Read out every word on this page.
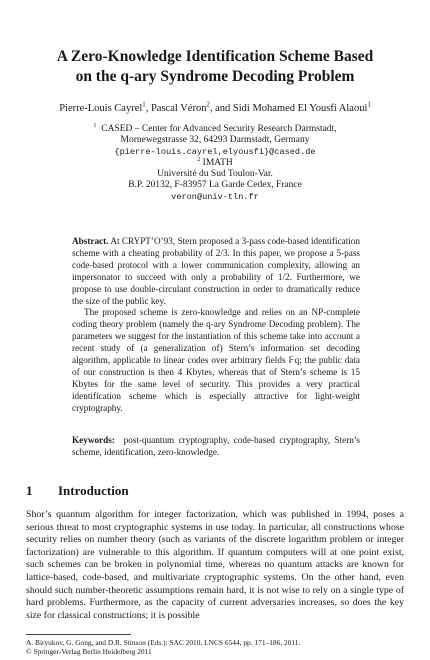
A Zero-Knowledge Identification Scheme Based
on the q-ary Syndrome Decoding Problem
Pierre-Louis Cayrel$^1$, Pascal Véron$^2$, and Sidi Mohamed El Yousfi Alaoui$^1$
$^1$ CASED – Center for Advanced Security Research Darmstadt,
Mornewegstrasse 32, 64293 Darmstadt, Germany
{pierre-louis.cayrel,elyousfi}@cased.de
$^2$ IMATH
Université du Sud Toulon-Var.
B.P. 20132, F-83957 La Garde Cedex, France
veron@univ-tln.fr

Abstract. At CRYPT’O’93, Stern proposed a 3-pass code-based identification scheme with a cheating probability of 2/3. In this paper, we propose a 5-pass code-based protocol with a lower communication complexity, allowing an impersonator to succeed with only a probability of 1/2. Furthermore, we propose to use double-circulant construction in order to dramatically reduce the size of the public key.

The proposed scheme is zero-knowledge and relies on an NP-complete coding theory problem (namely the q-ary Syndrome Decoding problem). The parameters we suggest for the instantiation of this scheme take into account a recent study of (a generalization of) Stern’s information set decoding algorithm, applicable to linear codes over arbitrary fields 𝔽q; the public data of our construction is then 4 Kbytes, whereas that of Stern’s scheme is 15 Kbytes for the same level of security. This provides a very practical identification scheme which is especially attractive for light-weight cryptography.

Keywords: post-quantum cryptography, code-based cryptography, Stern’s scheme, identification, zero-knowledge.
1 Introduction
Shor’s quantum algorithm for integer factorization, which was published in 1994, poses a serious threat to most cryptographic systems in use today. In particular, all constructions whose security relies on number theory (such as variants of the discrete logarithm problem or integer factorization) are vulnerable to this algorithm. If quantum computers will at one point exist, such schemes can be broken in polynomial time, whereas no quantum attacks are known for lattice-based, code-based, and multivariate cryptographic systems. On the other hand, even should such number-theoretic assumptions remain hard, it is not wise to rely on a single type of hard problems. Furthermore, as the capacity of current adversaries increases, so does the key size for classical constructions; it is possible
A. Biryukov, G. Gong, and D.R. Stinson (Eds.): SAC 2010, LNCS 6544, pp. 171–186, 2011.
© Springer-Verlag Berlin Heidelberg 2011
